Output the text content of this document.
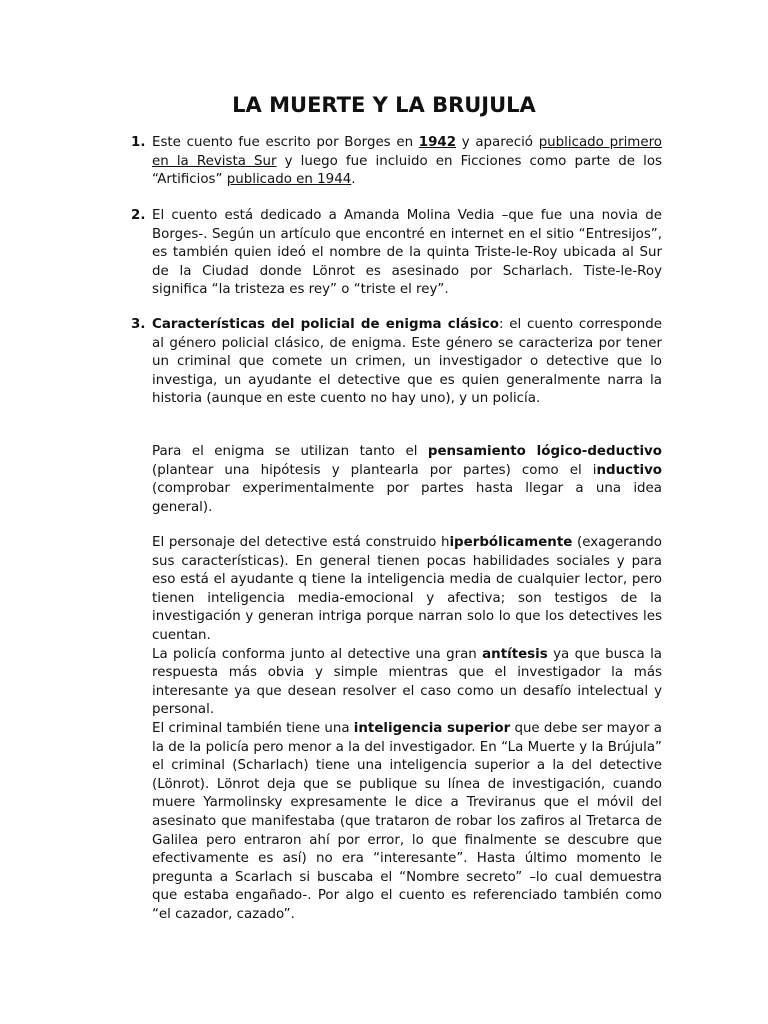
LA MUERTE Y LA BRUJULA
1. Este cuento fue escrito por Borges en 1942 y apareció publicado primero en la Revista Sur y luego fue incluido en Ficciones como parte de los “Artificios” publicado en 1944.

2. El cuento está dedicado a Amanda Molina Vedia –que fue una novia de Borges-. Según un artículo que encontré en internet en el sitio “Entresijos”, es también quien ideó el nombre de la quinta Triste-le-Roy ubicada al Sur de la Ciudad donde Lönrot es asesinado por Scharlach. Tiste-le-Roy significa “la tristeza es rey” o “triste el rey”.

3. Características del policial de enigma clásico: el cuento corresponde al género policial clásico, de enigma. Este género se caracteriza por tener un criminal que comete un crimen, un investigador o detective que lo investiga, un ayudante el detective que es quien generalmente narra la historia (aunque en este cuento no hay uno), y un policía.

Para el enigma se utilizan tanto el pensamiento lógico-deductivo (plantear una hipótesis y plantearla por partes) como el inductivo (comprobar experimentalmente por partes hasta llegar a una idea general).

El personaje del detective está construido hiperbólicamente (exagerando sus características). En general tienen pocas habilidades sociales y para eso está el ayudante q tiene la inteligencia media de cualquier lector, pero tienen inteligencia media-emocional y afectiva; son testigos de la investigación y generan intriga porque narran solo lo que los detectives les cuentan.

La policía conforma junto al detective una gran antítesis ya que busca la respuesta más obvia y simple mientras que el investigador la más interesante ya que desean resolver el caso como un desafío intelectual y personal.

El criminal también tiene una inteligencia superior que debe ser mayor a la de la policía pero menor a la del investigador. En “La Muerte y la Brújula” el criminal (Scharlach) tiene una inteligencia superior a la del detective (Lönrot). Lönrot deja que se publique su línea de investigación, cuando muere Yarmolinsky expresamente le dice a Treviranus que el móvil del asesinato que manifestaba (que trataron de robar los zafiros al Tretarca de Galilea pero entraron ahí por error, lo que finalmente se descubre que efectivamente es así) no era “interesante”. Hasta último momento le pregunta a Scarlach si buscaba el “Nombre secreto” –lo cual demuestra que estaba engañado-. Por algo el cuento es referenciado también como “el cazador, cazado”.
